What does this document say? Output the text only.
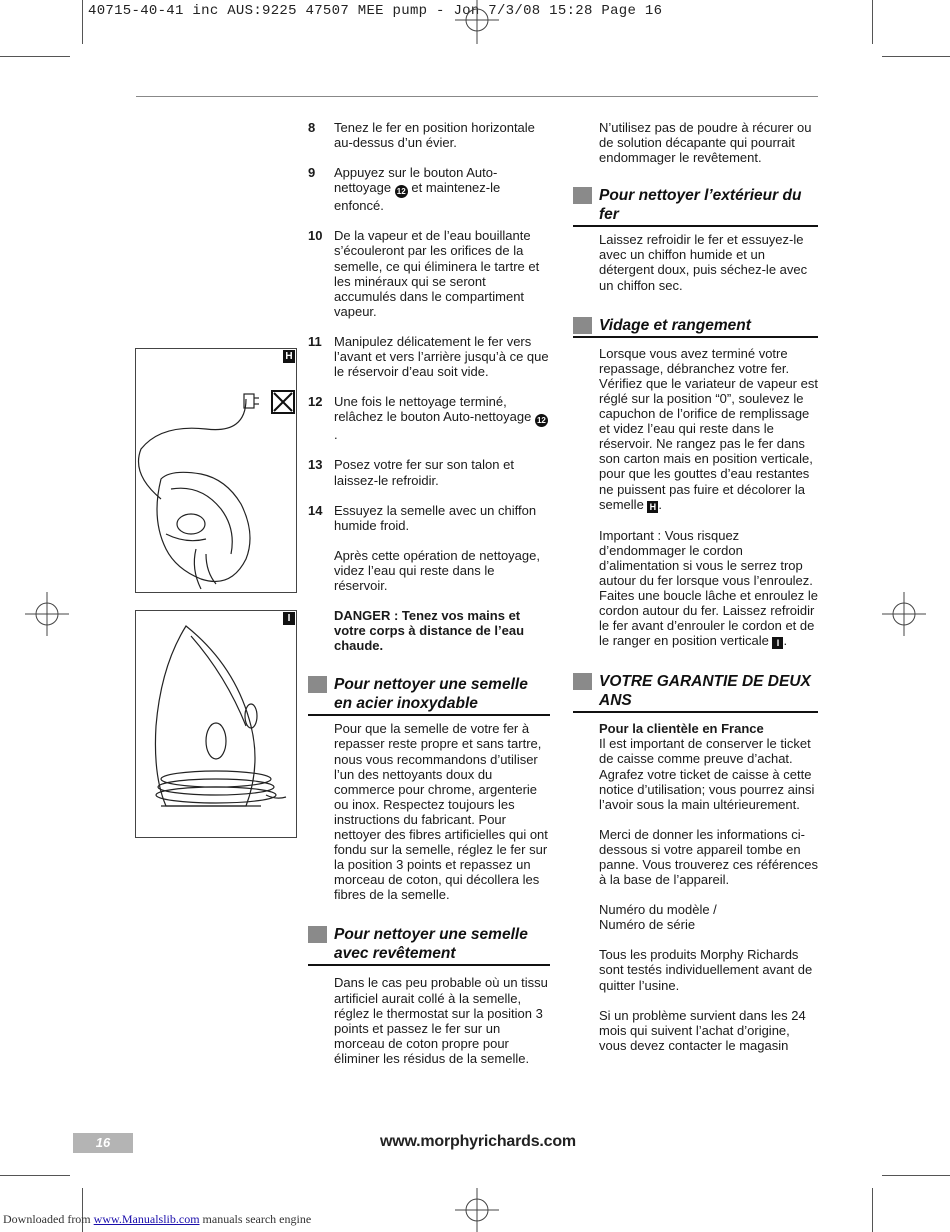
40715-40-41 inc AUS:9225 47507 MEE pump - Jon 7/3/08 15:28 Page 16
H
I
8	Tenez le fer en position horizontale au-dessus d’un évier.
9	Appuyez sur le bouton Auto-nettoyage 12 et maintenez-le enfoncé.
10 De la vapeur et de l’eau bouillante s’écouleront par les orifices de la semelle, ce qui éliminera le tartre et les minéraux qui se seront accumulés dans le compartiment vapeur.
11 Manipulez délicatement le fer vers l’avant et vers l’arrière jusqu’à ce que le réservoir d’eau soit vide.
12 Une fois le nettoyage terminé, relâchez le bouton Auto-nettoyage 12.
13 Posez votre fer sur son talon et laissez-le refroidir.
14 Essuyez la semelle avec un chiffon humide froid.

Après cette opération de nettoyage, videz l’eau qui reste dans le réservoir.

DANGER : Tenez vos mains et votre corps à distance de l’eau chaude.

Pour nettoyer une semelle en acier inoxydable

Pour que la semelle de votre fer à repasser reste propre et sans tartre, nous vous recommandons d’utiliser l’un des nettoyants doux du commerce pour chrome, argenterie ou inox. Respectez toujours les instructions du fabricant. Pour nettoyer des fibres artificielles qui ont fondu sur la semelle, réglez le fer sur la position 3 points et repassez un morceau de coton, qui décollera les fibres de la semelle.

Pour nettoyer une semelle avec revêtement

Dans le cas peu probable où un tissu artificiel aurait collé à la semelle, réglez le thermostat sur la position 3 points et passez le fer sur un morceau de coton propre pour éliminer les résidus de la semelle.

N’utilisez pas de poudre à récurer ou de solution décapante qui pourrait endommager le revêtement.

Pour nettoyer l’extérieur du fer

Laissez refroidir le fer et essuyez-le avec un chiffon humide et un détergent doux, puis séchez-le avec un chiffon sec.

Vidage et rangement

Lorsque vous avez terminé votre repassage, débranchez votre fer. Vérifiez que le variateur de vapeur est réglé sur la position “0”, soulevez le capuchon de l’orifice de remplissage et videz l’eau qui reste dans le réservoir. Ne rangez pas le fer dans son carton mais en position verticale, pour que les gouttes d’eau restantes ne puissent pas fuire et décolorer la semelle H .

Important : Vous risquez d’endommager le cordon d’alimentation si vous le serrez trop autour du fer lorsque vous l’enroulez. Faites une boucle lâche et enroulez le cordon autour du fer. Laissez refroidir le fer avant d’enrouler le cordon et de le ranger en position verticale I .

VOTRE GARANTIE DE DEUX ANS
Pour la clientèle en France

Il est important de conserver le ticket de caisse comme preuve d’achat. Agrafez votre ticket de caisse à cette notice d’utilisation; vous pourrez ainsi l’avoir sous la main ultérieurement.

Merci de donner les informations ci-dessous si votre appareil tombe en panne. Vous trouverez ces références à la base de l’appareil.

Numéro du modèle /
Numéro de série

Tous les produits Morphy Richards sont testés individuellement avant de quitter l’usine.

Si un problème survient dans les 24 mois qui suivent l’achat d’origine, vous devez contacter le magasin

16	www.morphyrichards.com
Downloaded from www.Manualslib.com manuals search engine
